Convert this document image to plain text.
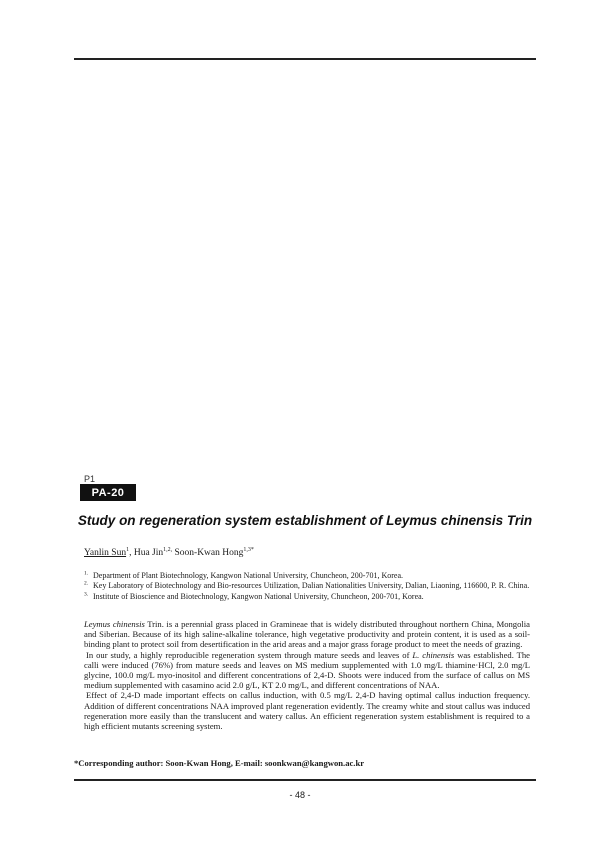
P1
PA-20
Study on regeneration system establishment of Leymus chinensis Trin
Yanlin Sun$^1$, Hua Jin$^{1,2,}$ Soon-Kwan Hong$^{1,3*}$
$^{1.}$ Department of Plant Biotechnology, Kangwon National University, Chuncheon, 200-701, Korea.
$^{2.}$ Key Laboratory of Biotechnology and Bio-resources Utilization, Dalian Nationalities University, Dalian, Liaoning, 116600, P. R. China.
$^{3.}$ Institute of Bioscience and Biotechnology, Kangwon National University, Chuncheon, 200-701, Korea.

Leymus chinensis Trin. is a perennial grass placed in Gramineae that is widely distributed throughout northern China, Mongolia and Siberian. Because of its high saline-alkaline tolerance, high vegetative productivity and protein content, it is used as a soil-binding plant to protect soil from desertification in the arid areas and a major grass forage product to meet the needs of grazing.

In our study, a highly reproducible regeneration system through mature seeds and leaves of L. chinensis was established. The calli were induced (76%) from mature seeds and leaves on MS medium supplemented with 1.0 mg/L thiamine·HCl, 2.0 mg/L glycine, 100.0 mg/L myo-inositol and different concentrations of 2,4-D. Shoots were induced from the surface of callus on MS medium supplemented with casamino acid 2.0 g/L, KT 2.0 mg/L, and different concentrations of NAA.

Effect of 2,4-D made important effects on callus induction, with 0.5 mg/L 2,4-D having optimal callus induction frequency. Addition of different concentrations NAA improved plant regeneration evidently. The creamy white and stout callus was induced regeneration more easily than the translucent and watery callus. An efficient regeneration system establishment is required to a high efficient mutants screening system.

*Corresponding author: Soon-Kwan Hong, E-mail: soonkwan@kangwon.ac.kr
- 48 -
